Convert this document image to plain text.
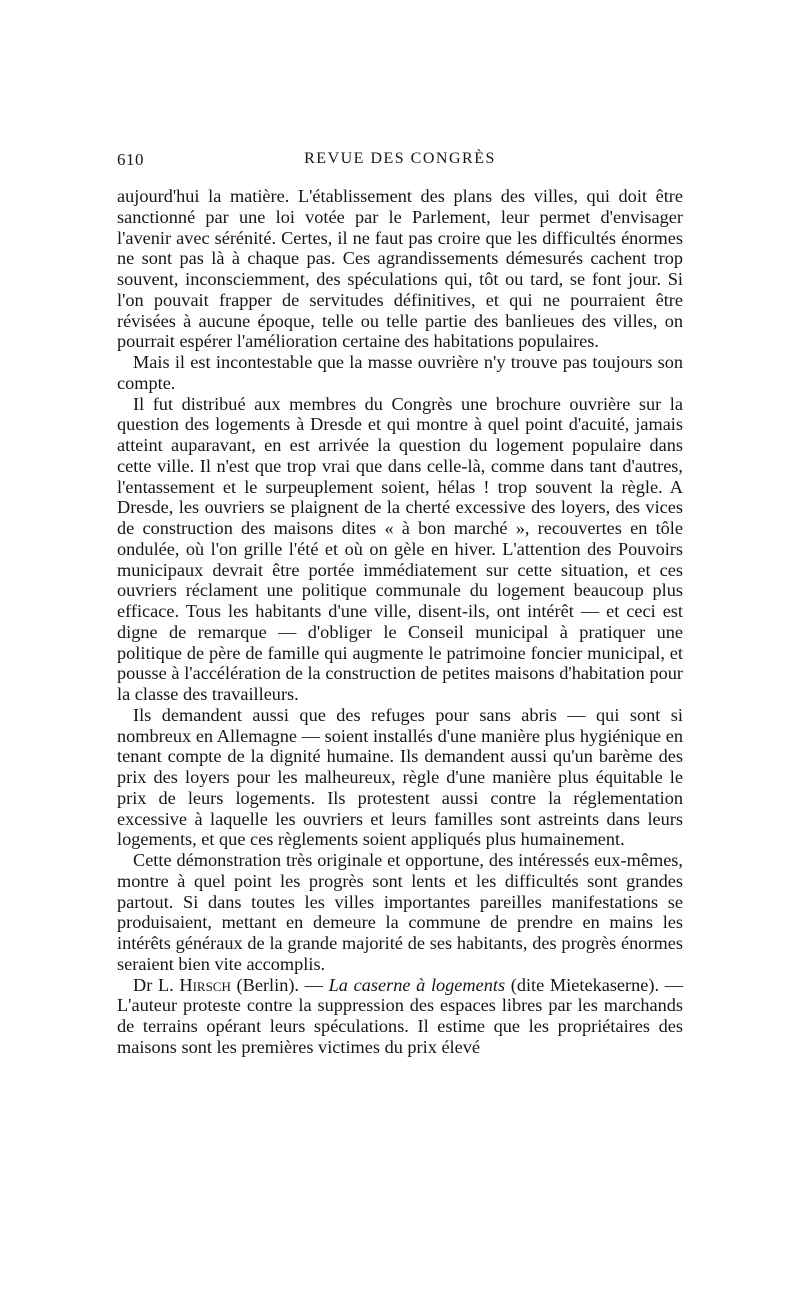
610	REVUE DES CONGRÈS

aujourd'hui la matière. L'établissement des plans des villes, qui doit être sanctionné par une loi votée par le Parlement, leur permet d'envisager l'avenir avec sérénité. Certes, il ne faut pas croire que les difficultés énormes ne sont pas là à chaque pas. Ces agrandissements démesurés cachent trop souvent, inconsciemment, des spéculations qui, tôt ou tard, se font jour. Si l'on pouvait frapper de servitudes définitives, et qui ne pourraient être révisées à aucune époque, telle ou telle partie des banlieues des villes, on pourrait espérer l'amélioration certaine des habitations populaires.

Mais il est incontestable que la masse ouvrière n'y trouve pas toujours son compte.

Il fut distribué aux membres du Congrès une brochure ouvrière sur la question des logements à Dresde et qui montre à quel point d'acuité, jamais atteint auparavant, en est arrivée la question du logement populaire dans cette ville. Il n'est que trop vrai que dans celle-là, comme dans tant d'autres, l'entassement et le surpeuplement soient, hélas ! trop souvent la règle. A Dresde, les ouvriers se plaignent de la cherté excessive des loyers, des vices de construction des maisons dites « à bon marché », recouvertes en tôle ondulée, où l'on grille l'été et où on gèle en hiver. L'attention des Pouvoirs municipaux devrait être portée immédiatement sur cette situation, et ces ouvriers réclament une politique communale du logement beaucoup plus efficace. Tous les habitants d'une ville, disent-ils, ont intérêt — et ceci est digne de remarque — d'obliger le Conseil municipal à pratiquer une politique de père de famille qui augmente le patrimoine foncier municipal, et pousse à l'accélération de la construction de petites maisons d'habitation pour la classe des travailleurs.

Ils demandent aussi que des refuges pour sans abris — qui sont si nombreux en Allemagne — soient installés d'une manière plus hygiénique en tenant compte de la dignité humaine. Ils demandent aussi qu'un barème des prix des loyers pour les malheureux, règle d'une manière plus équitable le prix de leurs logements. Ils protestent aussi contre la réglementation excessive à laquelle les ouvriers et leurs familles sont astreints dans leurs logements, et que ces règlements soient appliqués plus humainement.

Cette démonstration très originale et opportune, des intéressés eux-mêmes, montre à quel point les progrès sont lents et les difficultés sont grandes partout. Si dans toutes les villes importantes pareilles manifestations se produisaient, mettant en demeure la commune de prendre en mains les intérêts généraux de la grande majorité de ses habitants, des progrès énormes seraient bien vite accomplis.

Dr L. Hirsch (Berlin). — La caserne à logements (dite Mietekaserne). — L'auteur proteste contre la suppression des espaces libres par les marchands de terrains opérant leurs spéculations. Il estime que les propriétaires des maisons sont les premières victimes du prix élevé
